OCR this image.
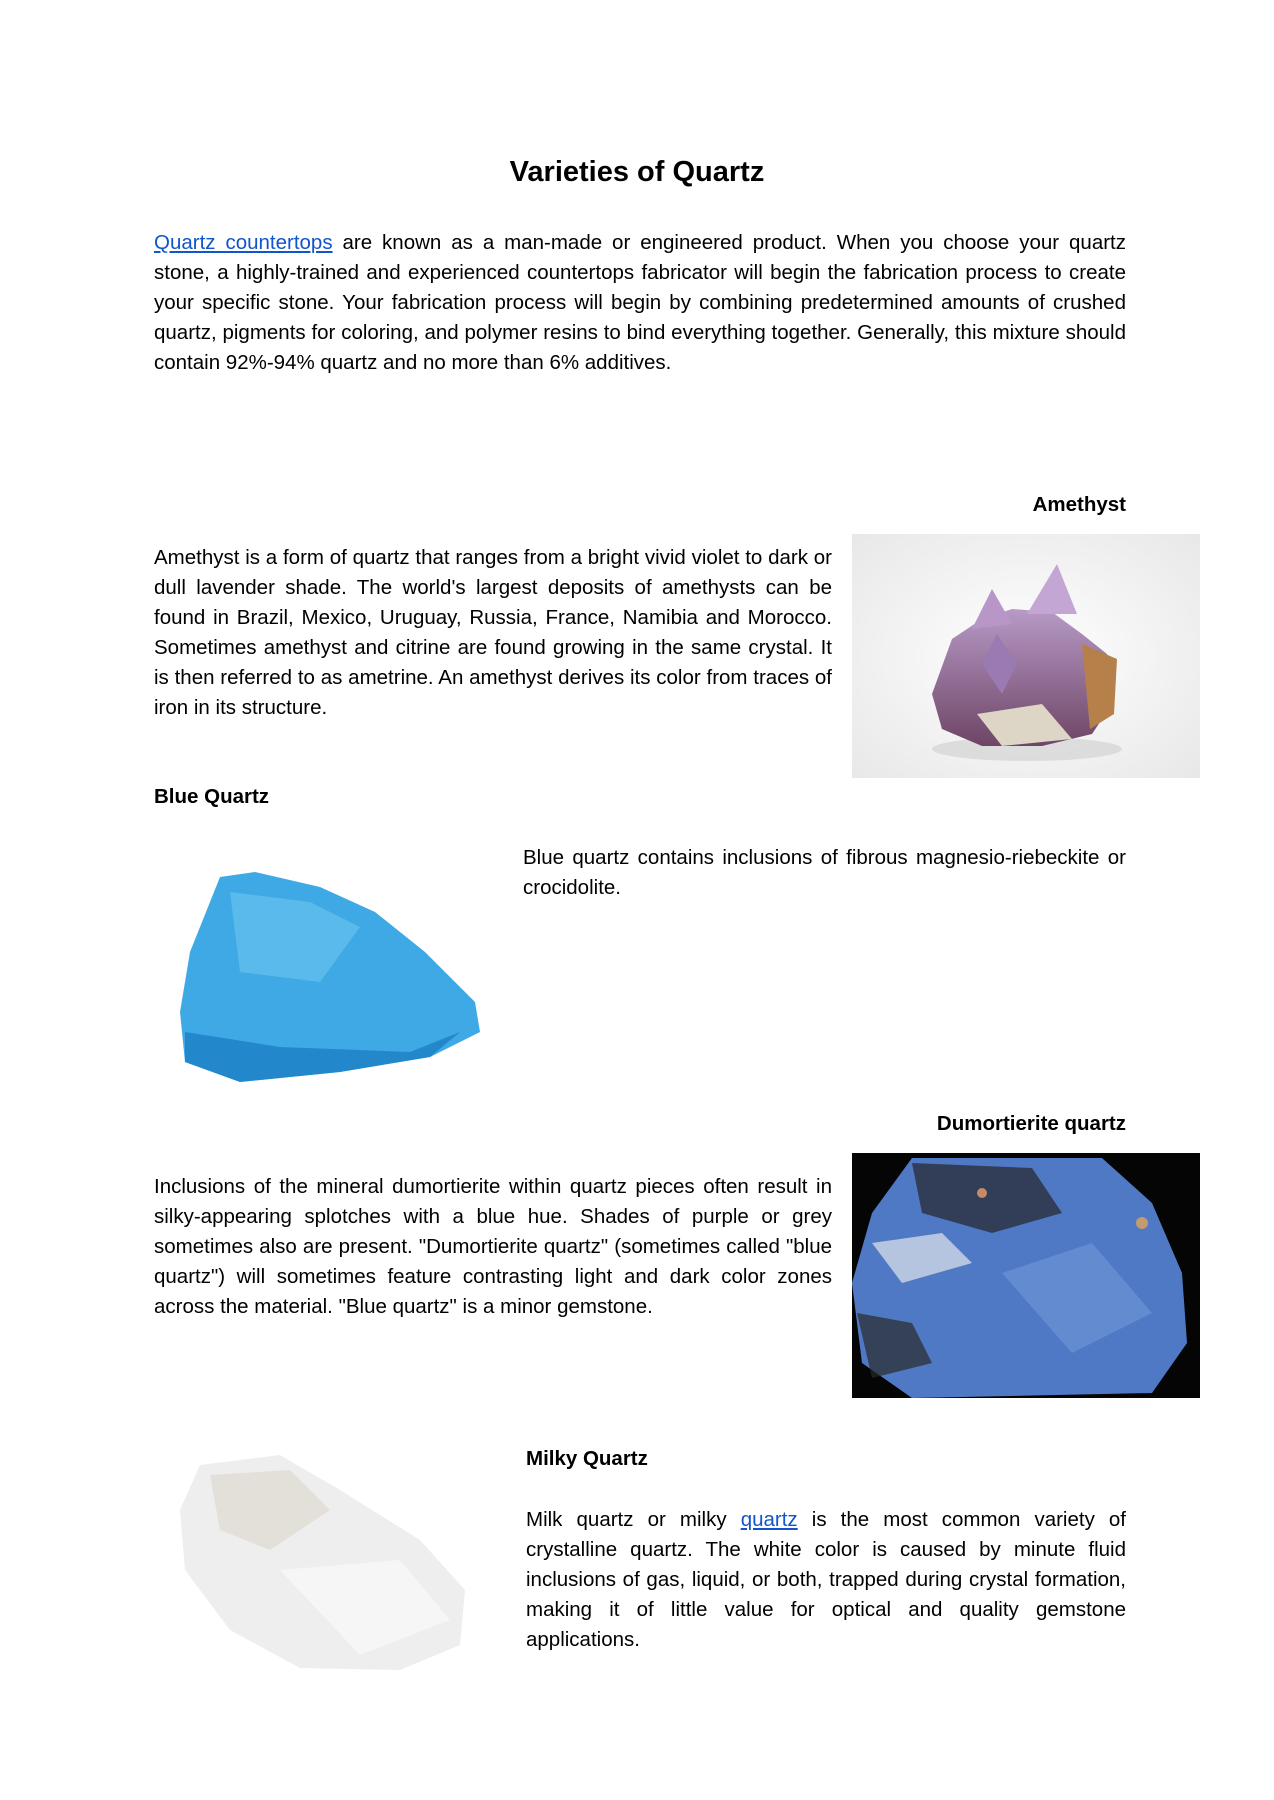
Varieties of Quartz

Quartz countertops are known as a man-made or engineered product. When you choose your quartz stone, a highly-trained and experienced countertops fabricator will begin the fabrication process to create your specific stone. Your fabrication process will begin by combining predetermined amounts of crushed quartz, pigments for coloring, and polymer resins to bind everything together. Generally, this mixture should contain 92%-94% quartz and no more than 6% additives.

Amethyst

Amethyst is a form of quartz that ranges from a bright vivid violet to dark or dull lavender shade. The world's largest deposits of amethysts can be found in Brazil, Mexico, Uruguay, Russia, France, Namibia and Morocco. Sometimes amethyst and citrine are found growing in the same crystal. It is then referred to as ametrine. An amethyst derives its color from traces of iron in its structure.

Blue Quartz

Blue quartz contains inclusions of fibrous magnesio-riebeckite or crocidolite.

Dumortierite quartz

Inclusions of the mineral dumortierite within quartz pieces often result in silky-appearing splotches with a blue hue. Shades of purple or grey sometimes also are present. "Dumortierite quartz" (sometimes called "blue quartz") will sometimes feature contrasting light and dark color zones across the material. "Blue quartz" is a minor gemstone.

Milky Quartz

Milk quartz or milky quartz is the most common variety of crystalline quartz. The white color is caused by minute fluid inclusions of gas, liquid, or both, trapped during crystal formation, making it of little value for optical and quality gemstone applications.
